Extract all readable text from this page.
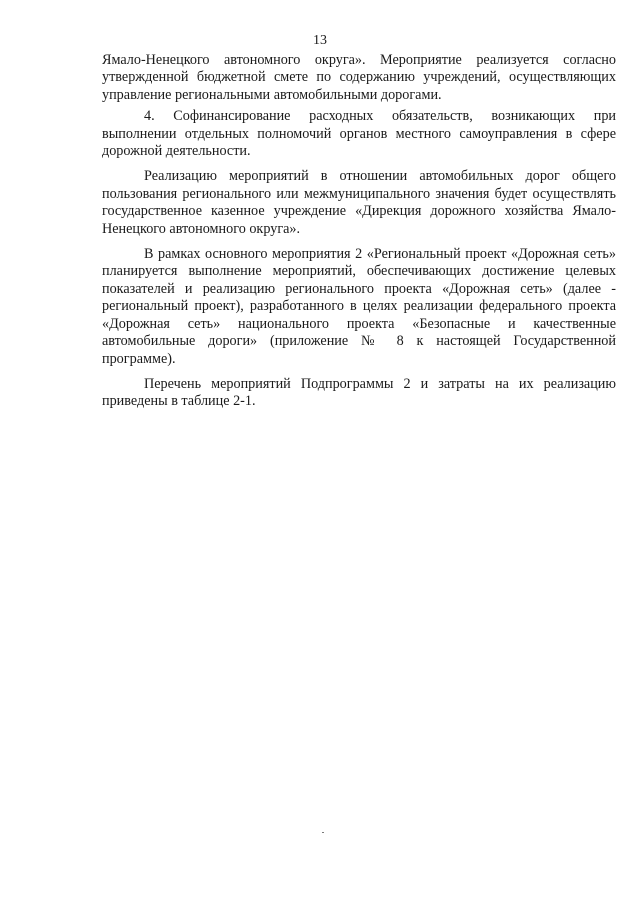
13

Ямало-Ненецкого автономного округа». Мероприятие реализуется согласно утвержденной бюджетной смете по содержанию учреждений, осуществляющих управление региональными автомобильными дорогами.

4. Софинансирование расходных обязательств, возникающих при выполнении отдельных полномочий органов местного самоуправления в сфере дорожной деятельности.

Реализацию мероприятий в отношении автомобильных дорог общего пользования регионального или межмуниципального значения будет осуществлять государственное казенное учреждение «Дирекция дорожного хозяйства Ямало-Ненецкого автономного округа».

В рамках основного мероприятия 2 «Региональный проект «Дорожная сеть» планируется выполнение мероприятий, обеспечивающих достижение целевых показателей и реализацию регионального проекта «Дорожная сеть» (далее - региональный проект), разработанного в целях реализации федерального проекта «Дорожная сеть» национального проекта «Безопасные и качественные автомобильные дороги» (приложение № 8 к настоящей Государственной программе).

Перечень мероприятий Подпрограммы 2 и затраты на их реализацию приведены в таблице 2-1.
